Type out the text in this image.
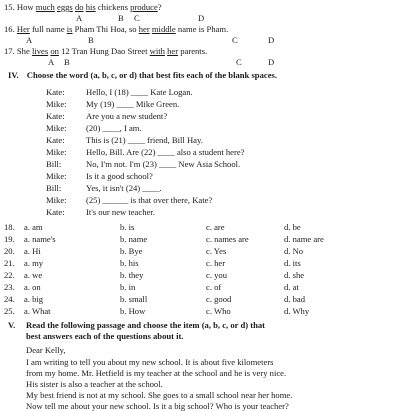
15. How much eggs do his chickens produce?
A	B C	D
16. Her full name is Pham Thi Hoa, so her middle name is Pham.
A	B	C	D
17. She lives on 12 Tran Hung Dao Street with her parents.
A B	C	D
IV. Choose the word (a, b, c, or d) that best fits each of the blank spaces.
Kate: Hello, I (18) ____ Kate Logan.
Mike: My (19) ____ Mike Green.
Kate: Are you a new student?
Mike: (20) ____, I am.
Kate: This is (21) ____ friend, Bill Hay.
Mike: Hello, Bill. Are (22) ____ also a student here?
Bill:	No, I'm not. I'm (23) ____ New Asia School.
Mike: Is it a good school?
Bill:	Yes, it isn't (24) ____.
Mike: (25) ______ is that over there, Kate?
Kate: It's our new teacher.
18. a. am	b. is	c. are	d. be
19. a. name's	b. name	c. names are	d. name are
20. a. Hi	b. Bye	c. Yes	d. No
21. a. my	b. his	c. her	d. its
22. a. we	b. they	c. you	d. she
23. a. on	b. in	c. of	d. at
24. a. big	b. small	c. good	d. bad
25. a. What	b. How	c. Who	d. Why
V. Read the following passage and choose the item (a, b, c, or d) that
best answers each of the questions about it.
Dear Kelly,
I am writing to tell you about my new school. It is about five kilometers
from my home. Mr. Hetfield is my teacher at the school and he is very nice.
His sister is also a teacher at the school.
My best friend is not at my school. She goes to a small school near her home.
Now tell me about your new school. Is it a big school? Who is your teacher?
